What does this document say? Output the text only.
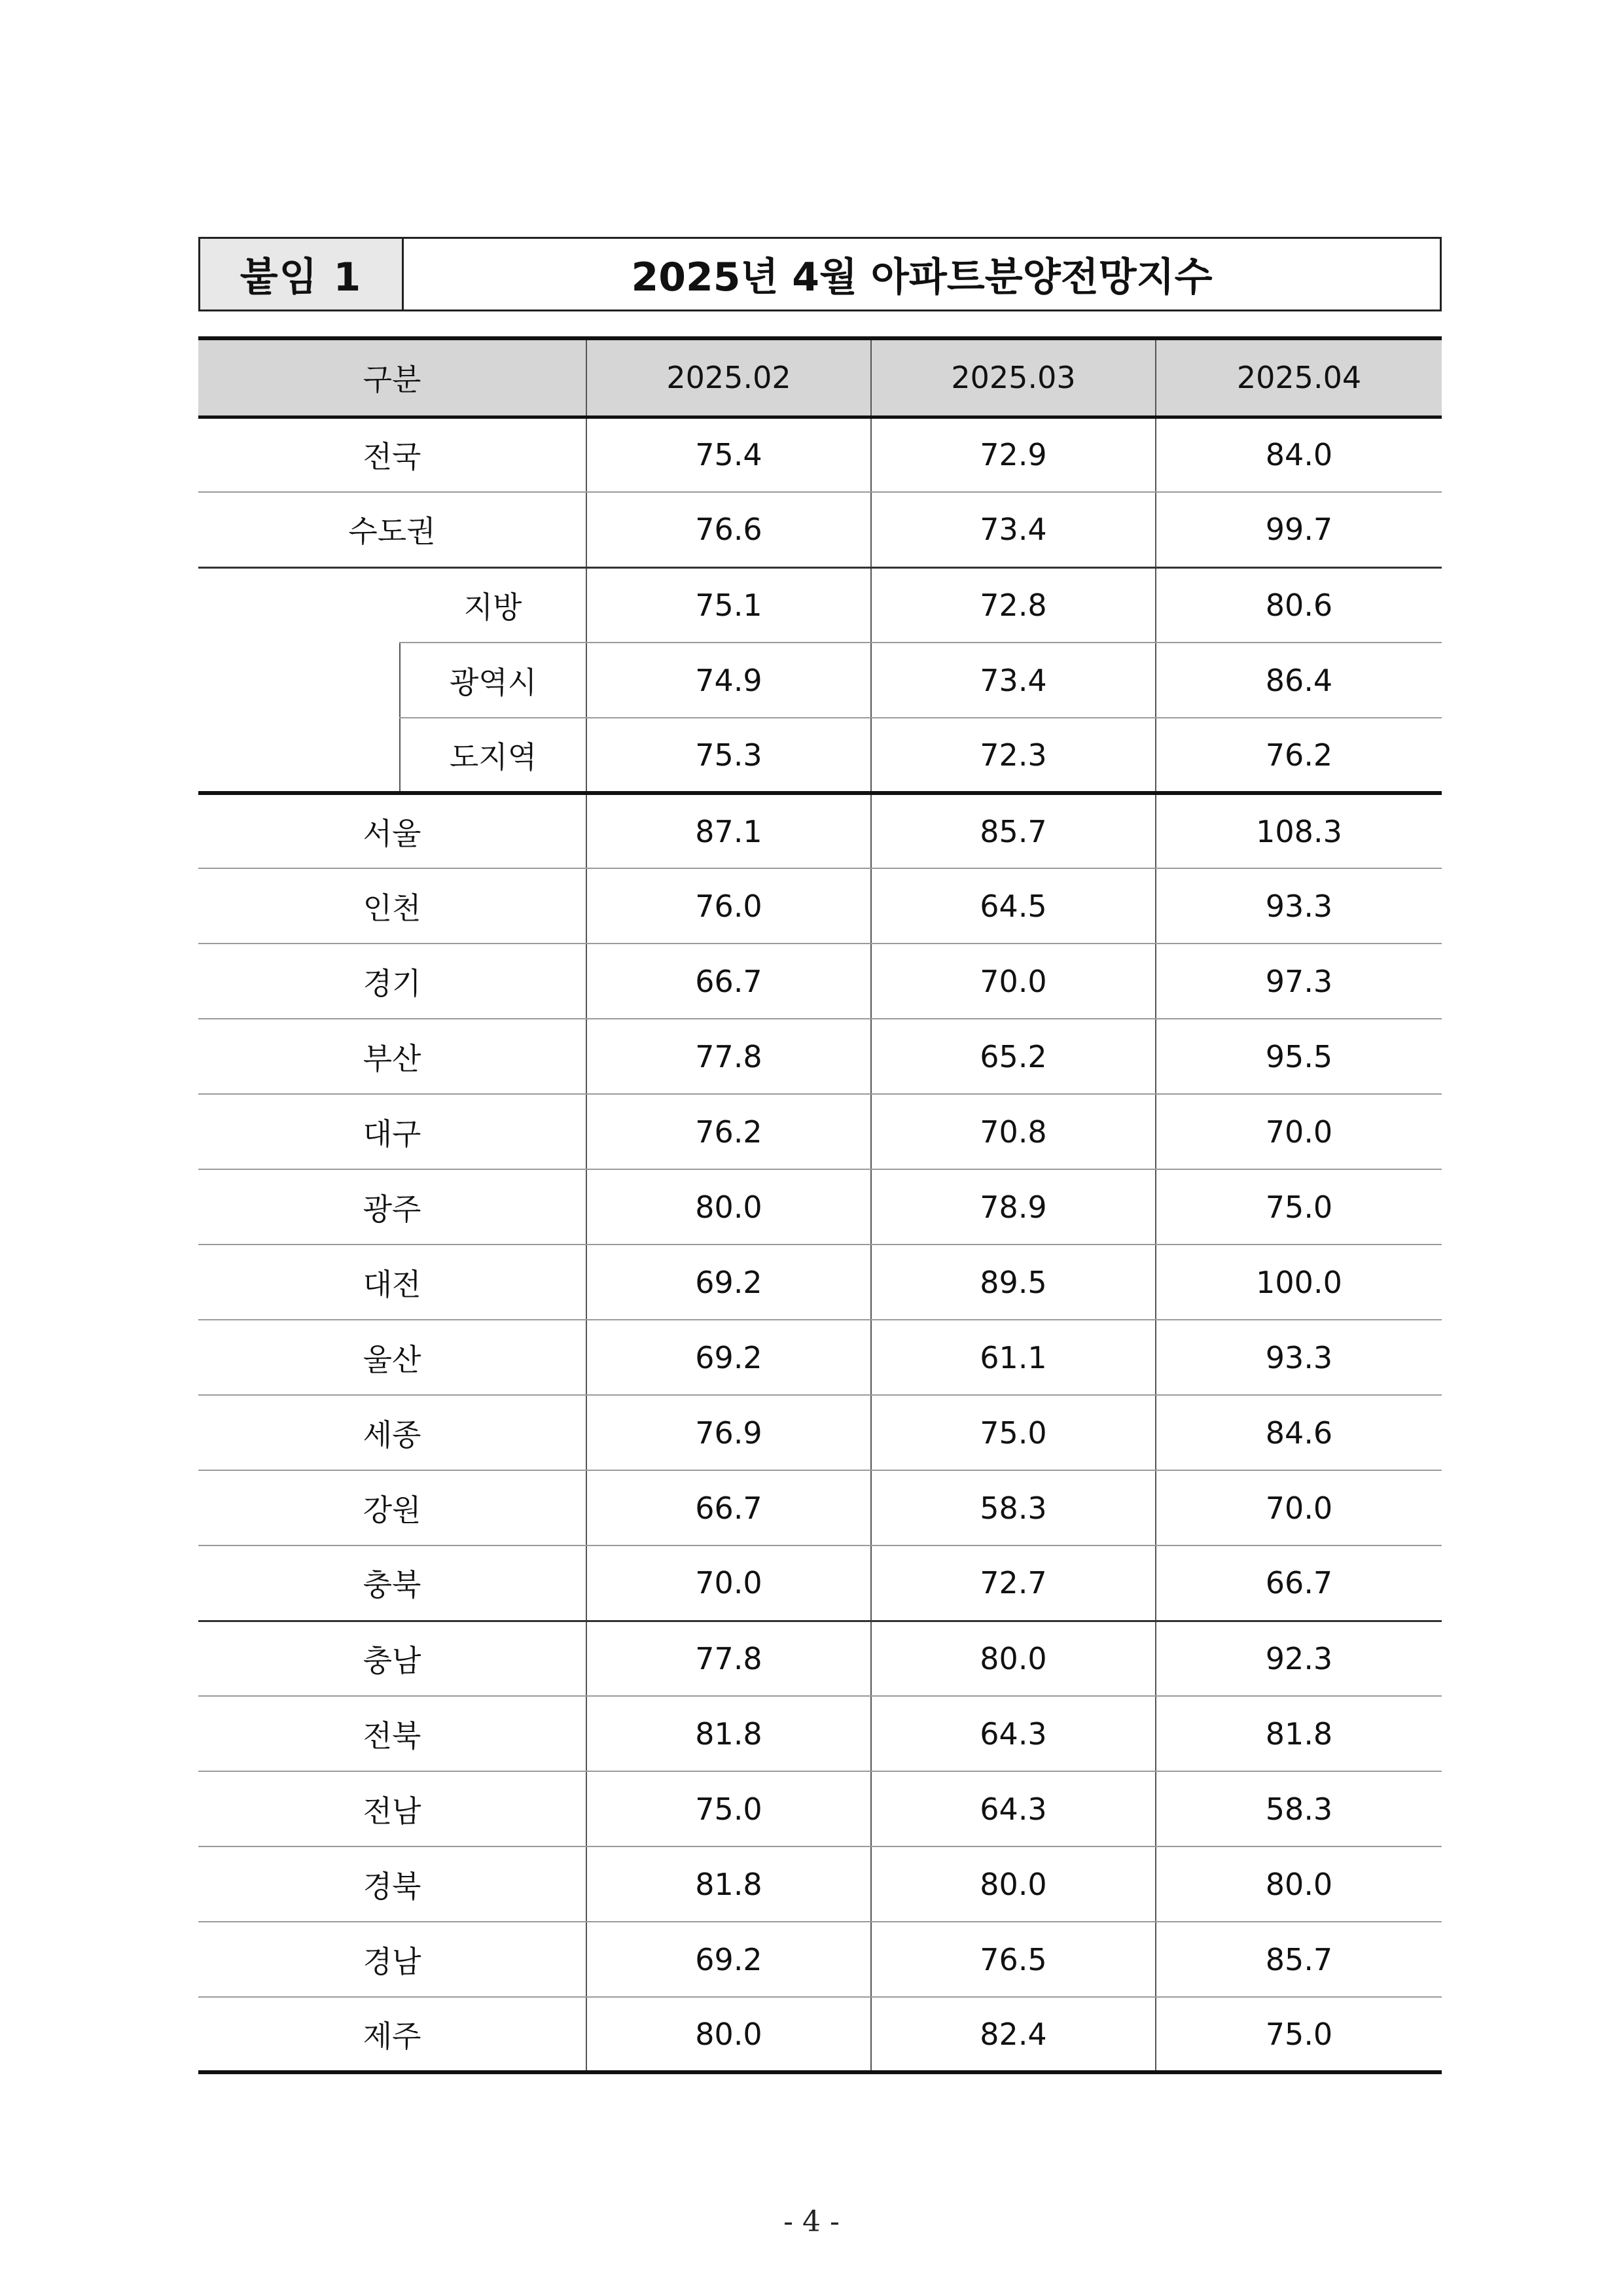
붙임 1	2025년 4월 아파트분양전망지수
구분		2025.02	2025.03	2025.04
전국		75.4	72.9	84.0
수도권		76.6	73.4	99.7
	지방	75.1	72.8	80.6
	광역시	74.9	73.4	86.4
	도지역	75.3	72.3	76.2
서울		87.1	85.7	108.3
인천		76.0	64.5	93.3
경기		66.7	70.0	97.3
부산		77.8	65.2	95.5
대구		76.2	70.8	70.0
광주		80.0	78.9	75.0
대전		69.2	89.5	100.0
울산		69.2	61.1	93.3
세종		76.9	75.0	84.6
강원		66.7	58.3	70.0
충북		70.0	72.7	66.7
충남		77.8	80.0	92.3
전북		81.8	64.3	81.8
전남		75.0	64.3	58.3
경북		81.8	80.0	80.0
경남		69.2	76.5	85.7
제주		80.0	82.4	75.0
- 4 -
